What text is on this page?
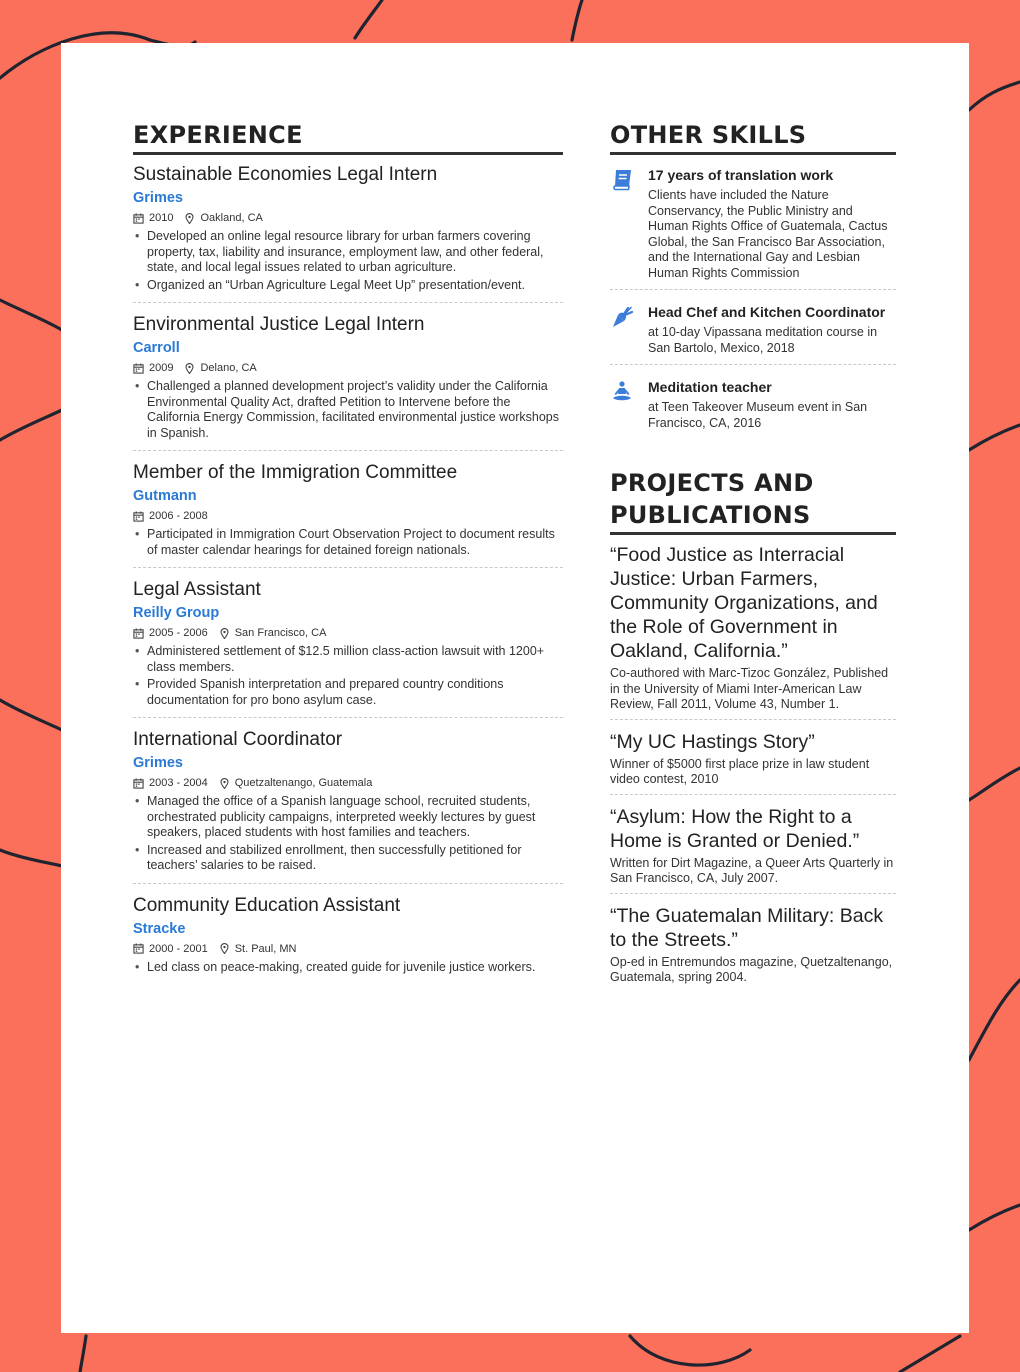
EXPERIENCE
Sustainable Economies Legal Intern
Grimes
2010 Oakland, CA
• Developed an online legal resource library for urban farmers covering property, tax, liability and insurance, employment law, and other federal, state, and local legal issues related to urban agriculture.
• Organized an “Urban Agriculture Legal Meet Up” presentation/event.
Environmental Justice Legal Intern
Carroll
2009 Delano, CA
• Challenged a planned development project’s validity under the California Environmental Quality Act, drafted Petition to Intervene before the California Energy Commission, facilitated environmental justice workshops in Spanish.
Member of the Immigration Committee
Gutmann
2006 - 2008
• Participated in Immigration Court Observation Project to document results of master calendar hearings for detained foreign nationals.
Legal Assistant
Reilly Group
2005 - 2006 San Francisco, CA
• Administered settlement of $12.5 million class-action lawsuit with 1200+ class members.
• Provided Spanish interpretation and prepared country conditions documentation for pro bono asylum case.
International Coordinator
Grimes
2003 - 2004 Quetzaltenango, Guatemala
• Managed the office of a Spanish language school, recruited students, orchestrated publicity campaigns, interpreted weekly lectures by guest speakers, placed students with host families and teachers.
• Increased and stabilized enrollment, then successfully petitioned for teachers’ salaries to be raised.
Community Education Assistant
Stracke
2000 - 2001 St. Paul, MN
• Led class on peace-making, created guide for juvenile justice workers.
OTHER SKILLS
17 years of translation work
Clients have included the Nature Conservancy, the Public Ministry and Human Rights Office of Guatemala, Cactus Global, the San Francisco Bar Association, and the International Gay and Lesbian Human Rights Commission
Head Chef and Kitchen Coordinator
at 10-day Vipassana meditation course in San Bartolo, Mexico, 2018
Meditation teacher
at Teen Takeover Museum event in San Francisco, CA, 2016
PROJECTS AND
PUBLICATIONS
“Food Justice as Interracial Justice: Urban Farmers, Community Organizations, and the Role of Government in Oakland, California.”
Co-authored with Marc-Tizoc González, Published in the University of Miami Inter-American Law Review, Fall 2011, Volume 43, Number 1.
“My UC Hastings Story”
Winner of $5000 first place prize in law student video contest, 2010
“Asylum: How the Right to a Home is Granted or Denied.”
Written for Dirt Magazine, a Queer Arts Quarterly in San Francisco, CA, July 2007.
“The Guatemalan Military: Back to the Streets.”
Op-ed in Entremundos magazine, Quetzaltenango, Guatemala, spring 2004.
